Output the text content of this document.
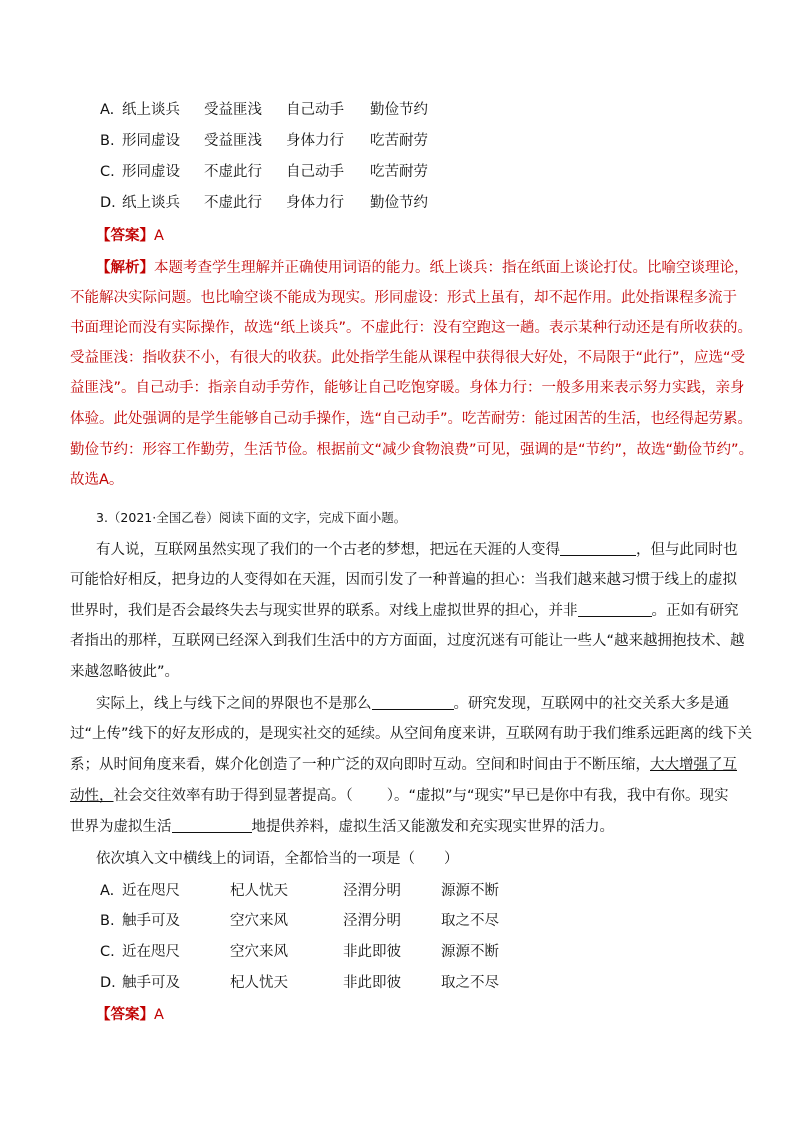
A. 纸上谈兵 受益匪浅 自己动手 勤俭节约
B. 形同虚设 受益匪浅 身体力行 吃苦耐劳
C. 形同虚设 不虚此行 自己动手 吃苦耐劳
D. 纸上谈兵 不虚此行 身体力行 勤俭节约
【答案】A
【解析】本题考查学生理解并正确使用词语的能力。纸上谈兵：指在纸面上谈论打仗。比喻空谈理论，
不能解决实际问题。也比喻空谈不能成为现实。形同虚设：形式上虽有，却不起作用。此处指课程多流于
书面理论而没有实际操作，故选“纸上谈兵”。不虚此行：没有空跑这一趟。表示某种行动还是有所收获的。
受益匪浅：指收获不小，有很大的收获。此处指学生能从课程中获得很大好处，不局限于“此行”，应选“受
益匪浅”。自己动手：指亲自动手劳作，能够让自己吃饱穿暖。身体力行：一般多用来表示努力实践，亲身
体验。此处强调的是学生能够自己动手操作，选“自己动手”。吃苦耐劳：能过困苦的生活，也经得起劳累。
勤俭节约：形容工作勤劳，生活节俭。根据前文“减少食物浪费”可见，强调的是“节约”，故选“勤俭节约”。
故选A。
3.（2021·全国乙卷）阅读下面的文字，完成下面小题。
有人说，互联网虽然实现了我们的一个古老的梦想，把远在天涯的人变得	，但与此同时也
可能恰好相反，把身边的人变得如在天涯，因而引发了一种普遍的担心：当我们越来越习惯于线上的虚拟
世界时，我们是否会最终失去与现实世界的联系。对线上虚拟世界的担心，并非	。正如有研究
者指出的那样，互联网已经深入到我们生活中的方方面面，过度沉迷有可能让一些人“越来越拥抱技术、越
来越忽略彼此”。
实际上，线上与线下之间的界限也不是那么	。研究发现，互联网中的社交关系大多是通
过“上传”线下的好友形成的，是现实社交的延续。从空间角度来讲，互联网有助于我们维系远距离的线下关
系；从时间角度来看，媒介化创造了一种广泛的双向即时互动。空间和时间由于不断压缩，大大增强了互
动性，社会交往效率有助于得到显著提高。（ ）。“虚拟”与“现实”早已是你中有我，我中有你。现实
世界为虚拟生活	地提供养料，虚拟生活又能激发和充实现实世界的活力。
依次填入文中横线上的词语，全都恰当的一项是（　　）
A. 近在咫尺	杞人忧天	泾渭分明	源源不断
B. 触手可及	空穴来风	泾渭分明	取之不尽
C. 近在咫尺	空穴来风	非此即彼	源源不断
D. 触手可及	杞人忧天	非此即彼	取之不尽
【答案】A
